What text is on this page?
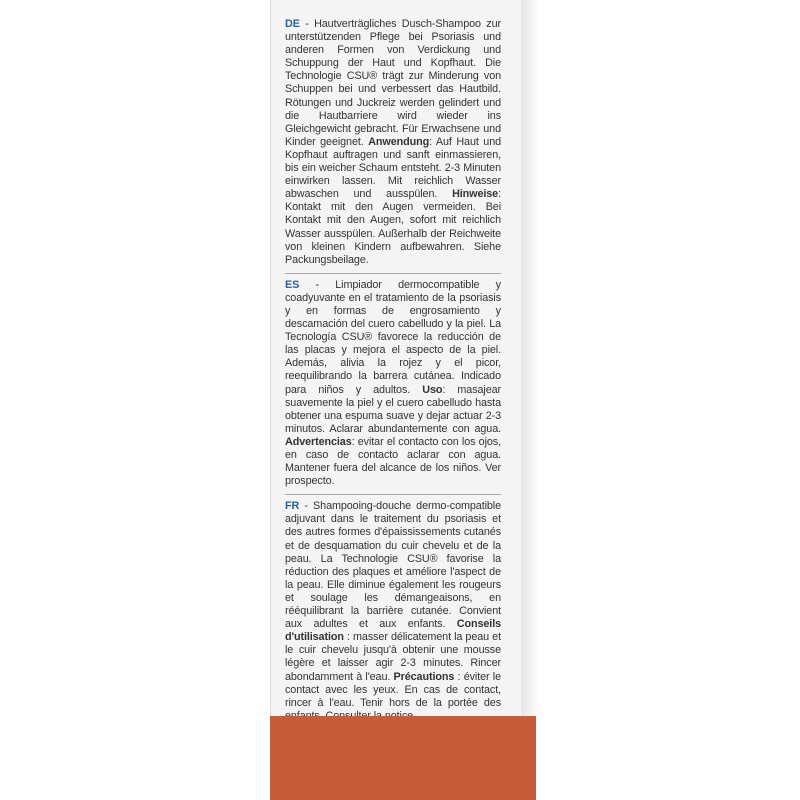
DE - Hautverträgliches Dusch-Shampoo zur unterstützenden Pflege bei Psoriasis und anderen Formen von Verdickung und Schuppung der Haut und Kopfhaut. Die Technologie CSU® trägt zur Minderung von Schuppen bei und verbessert das Hautbild. Rötungen und Juckreiz werden gelindert und die Hautbarriere wird wieder ins Gleichgewicht gebracht. Für Erwachsene und Kinder geeignet. Anwendung: Auf Haut und Kopfhaut auftragen und sanft einmassieren, bis ein weicher Schaum entsteht. 2-3 Minuten einwirken lassen. Mit reichlich Wasser abwaschen und ausspülen. Hinweise: Kontakt mit den Augen vermeiden. Bei Kontakt mit den Augen, sofort mit reichlich Wasser ausspülen. Außerhalb der Reichweite von kleinen Kindern aufbewahren. Siehe Packungsbeilage.
ES - Limpiador dermocompatible y coadyuvante en el tratamiento de la psoriasis y en formas de engrosamiento y descamación del cuero cabelludo y la piel. La Tecnología CSU® favorece la reducción de las placas y mejora el aspecto de la piel. Además, alivia la rojez y el picor, reequilibrando la barrera cutánea. Indicado para niños y adultos. Uso: masajear suavemente la piel y el cuero cabelludo hasta obtener una espuma suave y dejar actuar 2-3 minutos. Aclarar abundantemente con agua. Advertencias: evitar el contacto con los ojos, en caso de contacto aclarar con agua. Mantener fuera del alcance de los niños. Ver prospecto.
FR - Shampooing-douche dermo-compatible adjuvant dans le traitement du psoriasis et des autres formes d'épaississements cutanés et de desquamation du cuir chevelu et de la peau. La Technologie CSU® favorise la réduction des plaques et améliore l'aspect de la peau. Elle diminue également les rougeurs et soulage les démangeaisons, en rééquilibrant la barrière cutanée. Convient aux adultes et aux enfants. Conseils d'utilisation : masser délicatement la peau et le cuir chevelu jusqu'à obtenir une mousse légère et laisser agir 2-3 minutes. Rincer abondamment à l'eau. Précautions : éviter le contact avec les yeux. En cas de contact, rincer à l'eau. Tenir hors de la portée des
